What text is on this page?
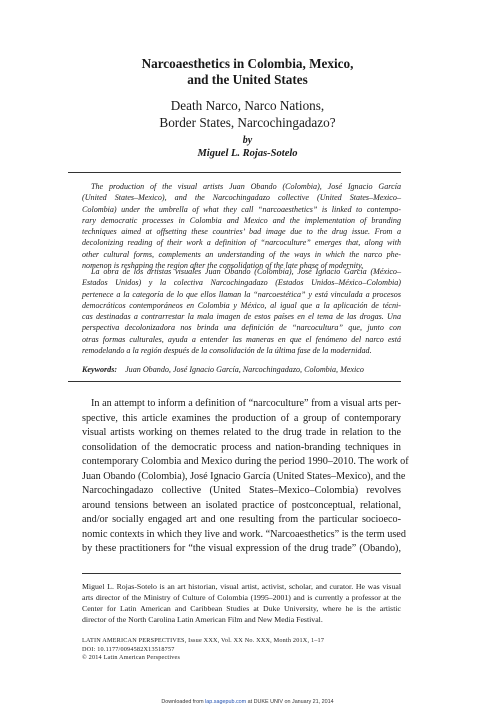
Narcoaesthetics in Colombia, Mexico,
and the United States
Death Narco, Narco Nations,
Border States, Narcochingadazo?
by
Miguel L. Rojas-Sotelo
The production of the visual artists Juan Obando (Colombia), José Ignacio García
(United States–Mexico), and the Narcochingadazo collective (United States–Mexico–
Colombia) under the umbrella of what they call “narcoaesthetics” is linked to contempo-
rary democratic processes in Colombia and Mexico and the implementation of branding
techniques aimed at offsetting these countries’ bad image due to the drug issue. From a
decolonizing reading of their work a definition of “narcoculture” emerges that, along with
other cultural forms, complements an understanding of the ways in which the narco phe-
nomenon is reshaping the region after the consolidation of the late phase of modernity.
La obra de los artistas visuales Juan Obando (Colombia), José Ignacio García (México–
Estados Unidos) y la colectiva Narcochingadazo (Estados Unidos–México–Colombia)
pertenece a la categoría de lo que ellos llaman la “narcoestética” y está vinculada a procesos
democráticos contemporáneos en Colombia y México, al igual que a la aplicación de técni-
cas destinadas a contrarrestar la mala imagen de estos países en el tema de las drogas. Una
perspectiva decolonizadora nos brinda una definición de “narcocultura” que, junto con
otras formas culturales, ayuda a entender las maneras en que el fenómeno del narco está
remodelando a la región después de la consolidación de la última fase de la modernidad.
Keywords: Juan Obando, José Ignacio García, Narcochingadazo, Colombia, Mexico
In an attempt to inform a definition of “narcoculture” from a visual arts per-
spective, this article examines the production of a group of contemporary
visual artists working on themes related to the drug trade in relation to the
consolidation of the democratic process and nation-branding techniques in
contemporary Colombia and Mexico during the period 1990–2010. The work of
Juan Obando (Colombia), José Ignacio García (United States–Mexico), and the
Narcochingadazo collective (United States–Mexico–Colombia) revolves
around tensions between an isolated practice of postconceptual, relational,
and/or socially engaged art and one resulting from the particular socioeco-
nomic contexts in which they live and work. “Narcoaesthetics” is the term used
by these practitioners for “the visual expression of the drug trade” (Obando),
Miguel L. Rojas-Sotelo is an art historian, visual artist, activist, scholar, and curator. He was visual
arts director of the Ministry of Culture of Colombia (1995–2001) and is currently a professor at the
Center for Latin American and Caribbean Studies at Duke University, where he is the artistic
director of the North Carolina Latin American Film and New Media Festival.
LATIN AMERICAN PERSPECTIVES, Issue XXX, Vol. XX No. XXX, Month 201X, 1–17
DOI: 10.1177/0094582X13518757
© 2014 Latin American Perspectives
Downloaded from lap.sagepub.com at DUKE UNIV on January 21, 2014
